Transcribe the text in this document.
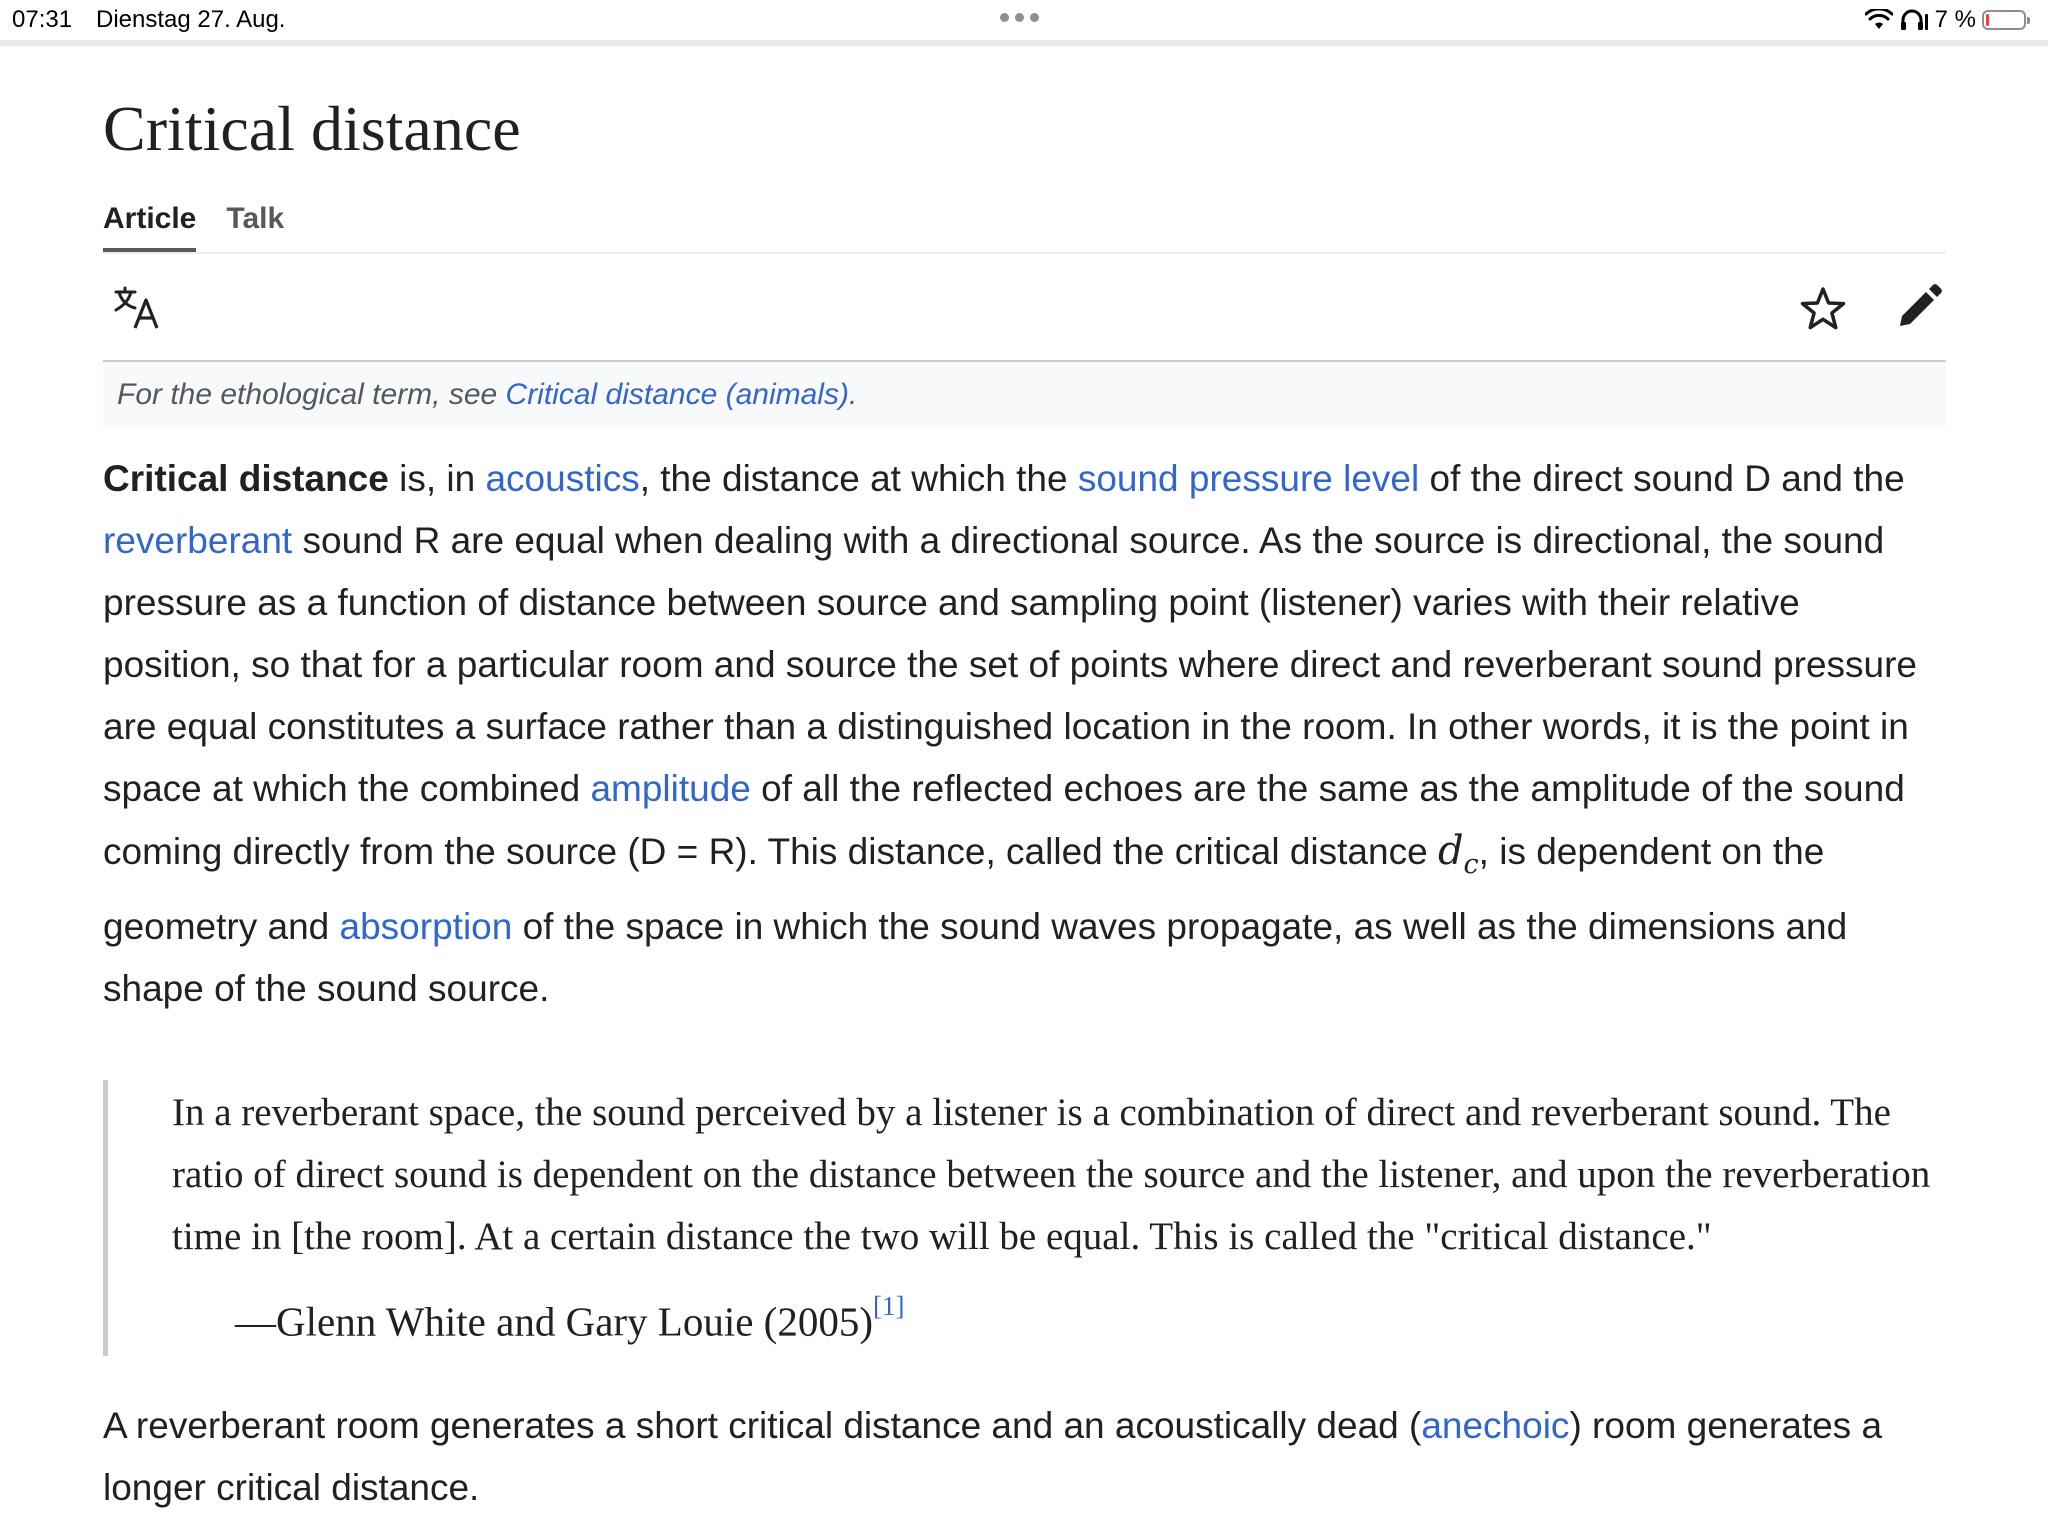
07:31 Dienstag 27. Aug.	7 %
Critical distance
Article Talk
For the ethological term, see Critical distance (animals).

Critical distance is, in acoustics, the distance at which the sound pressure level of the direct sound D and the reverberant sound R are equal when dealing with a directional source. As the source is directional, the sound pressure as a function of distance between source and sampling point (listener) varies with their relative position, so that for a particular room and source the set of points where direct and reverberant sound pressure are equal constitutes a surface rather than a distinguished location in the room. In other words, it is the point in space at which the combined amplitude of all the reflected echoes are the same as the amplitude of the sound coming directly from the source (D = R). This distance, called the critical distance $d_c$, is dependent on the geometry and absorption of the space in which the sound waves propagate, as well as the dimensions and shape of the sound source.

In a reverberant space, the sound perceived by a listener is a combination of direct and reverberant sound. The ratio of direct sound is dependent on the distance between the source and the listener, and upon the reverberation time in [the room]. At a certain distance the two will be equal. This is called the "critical distance."

—Glenn White and Gary Louie (2005)[1]

A reverberant room generates a short critical distance and an acoustically dead (anechoic) room generates a longer critical distance.
